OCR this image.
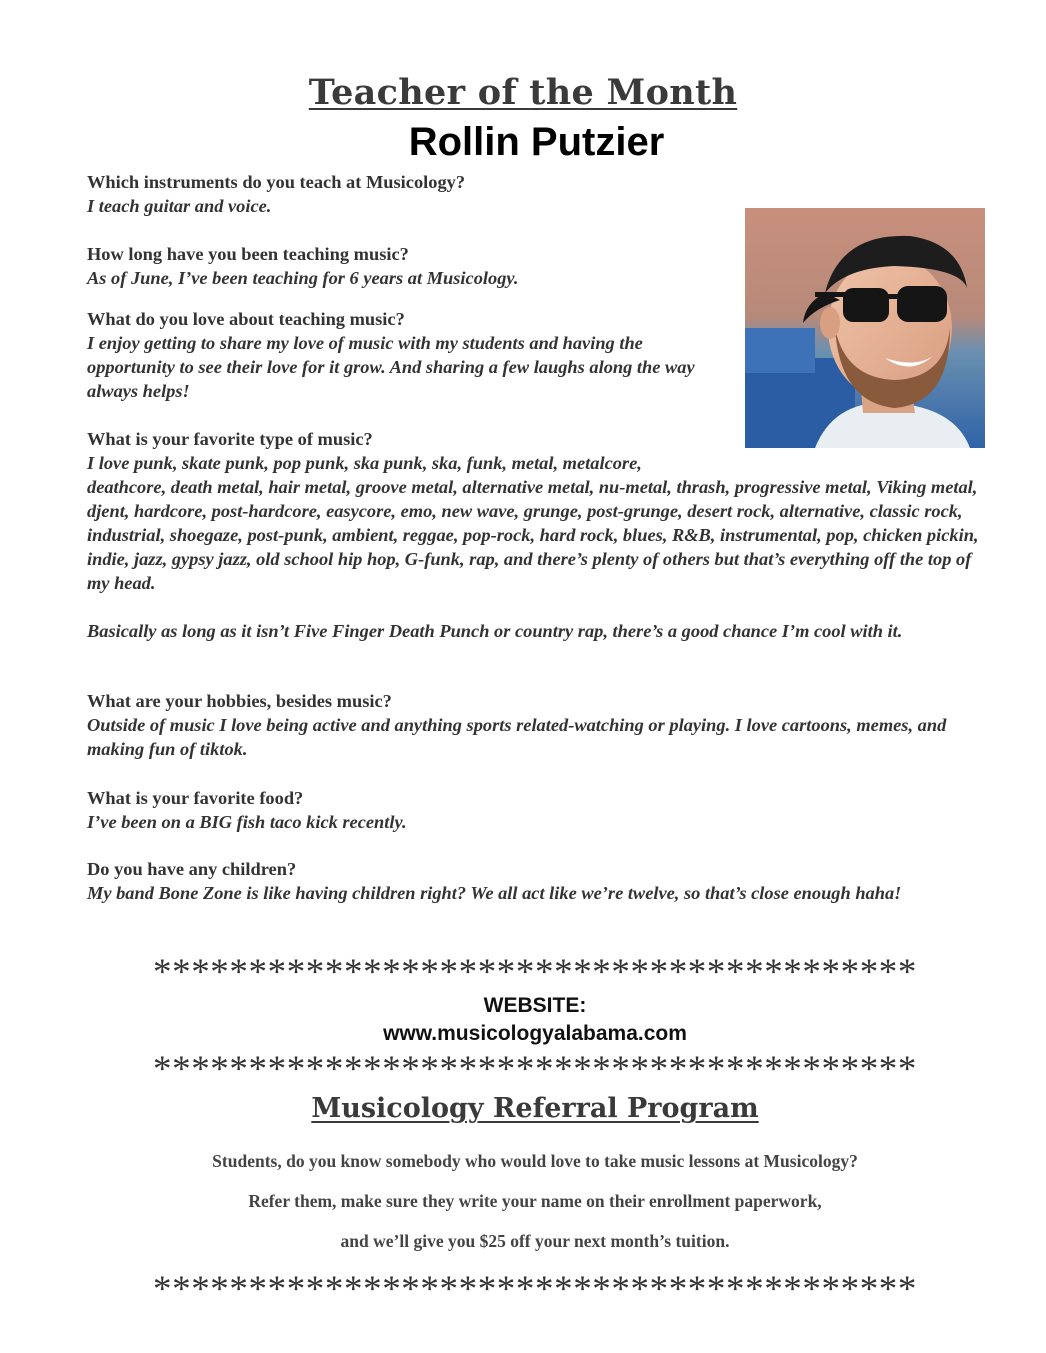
Teacher of the Month
Rollin Putzier
Which instruments do you teach at Musicology?
I teach guitar and voice.
How long have you been teaching music?
As of June, I’ve been teaching for 6 years at Musicology.
What do you love about teaching music?
I enjoy getting to share my love of music with my students and having the opportunity to see their love for it grow. And sharing a few laughs along the way always helps!
What is your favorite type of music?
I love punk, skate punk, pop punk, ska punk, ska, funk, metal, metalcore,
deathcore, death metal, hair metal, groove metal, alternative metal, nu-metal, thrash, progressive metal, Viking metal, djent, hardcore, post-hardcore, easycore, emo, new wave, grunge, post-grunge, desert rock, alternative, classic rock, industrial, shoegaze, post-punk, ambient, reggae, pop-rock, hard rock, blues, R&B, instrumental, pop, chicken pickin, indie, jazz, gypsy jazz, old school hip hop, G-funk, rap, and there’s plenty of others but that’s everything off the top of my head.
Basically as long as it isn’t Five Finger Death Punch or country rap, there’s a good chance I’m cool with it.
What are your hobbies, besides music?
Outside of music I love being active and anything sports related-watching or playing. I love cartoons, memes, and making fun of tiktok.
What is your favorite food?
I’ve been on a BIG fish taco kick recently.
Do you have any children?
My band Bone Zone is like having children right? We all act like we’re twelve, so that’s close enough haha!
****************************************
WEBSITE:
www.musicologyalabama.com
****************************************
Musicology Referral Program
Students, do you know somebody who would love to take music lessons at Musicology?
Refer them, make sure they write your name on their enrollment paperwork,
and we’ll give you $25 off your next month’s tuition.
****************************************
